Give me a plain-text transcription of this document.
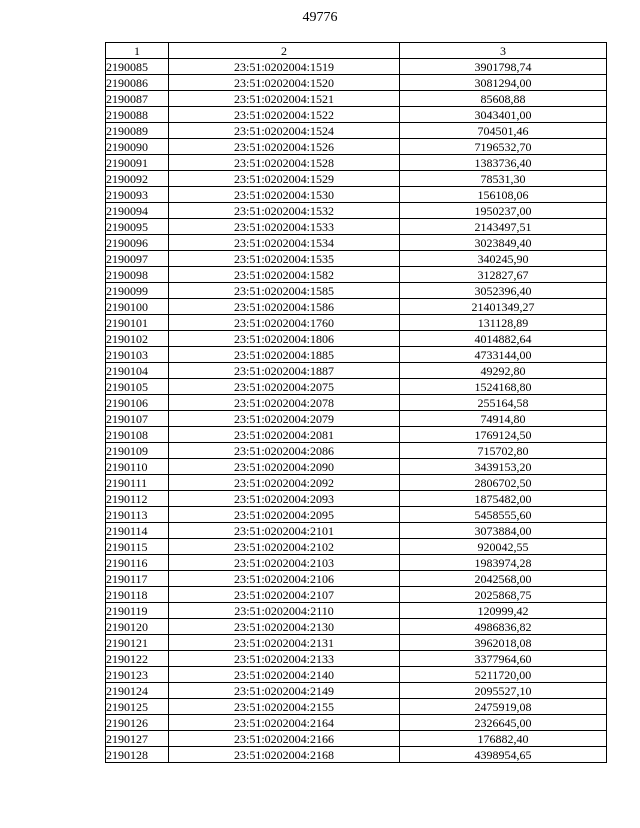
49776
1	2	3
2190085	23:51:0202004:1519	3901798,74
2190086	23:51:0202004:1520	3081294,00
2190087	23:51:0202004:1521	85608,88
2190088	23:51:0202004:1522	3043401,00
2190089	23:51:0202004:1524	704501,46
2190090	23:51:0202004:1526	7196532,70
2190091	23:51:0202004:1528	1383736,40
2190092	23:51:0202004:1529	78531,30
2190093	23:51:0202004:1530	156108,06
2190094	23:51:0202004:1532	1950237,00
2190095	23:51:0202004:1533	2143497,51
2190096	23:51:0202004:1534	3023849,40
2190097	23:51:0202004:1535	340245,90
2190098	23:51:0202004:1582	312827,67
2190099	23:51:0202004:1585	3052396,40
2190100	23:51:0202004:1586	21401349,27
2190101	23:51:0202004:1760	131128,89
2190102	23:51:0202004:1806	4014882,64
2190103	23:51:0202004:1885	4733144,00
2190104	23:51:0202004:1887	49292,80
2190105	23:51:0202004:2075	1524168,80
2190106	23:51:0202004:2078	255164,58
2190107	23:51:0202004:2079	74914,80
2190108	23:51:0202004:2081	1769124,50
2190109	23:51:0202004:2086	715702,80
2190110	23:51:0202004:2090	3439153,20
2190111	23:51:0202004:2092	2806702,50
2190112	23:51:0202004:2093	1875482,00
2190113	23:51:0202004:2095	5458555,60
2190114	23:51:0202004:2101	3073884,00
2190115	23:51:0202004:2102	920042,55
2190116	23:51:0202004:2103	1983974,28
2190117	23:51:0202004:2106	2042568,00
2190118	23:51:0202004:2107	2025868,75
2190119	23:51:0202004:2110	120999,42
2190120	23:51:0202004:2130	4986836,82
2190121	23:51:0202004:2131	3962018,08
2190122	23:51:0202004:2133	3377964,60
2190123	23:51:0202004:2140	5211720,00
2190124	23:51:0202004:2149	2095527,10
2190125	23:51:0202004:2155	2475919,08
2190126	23:51:0202004:2164	2326645,00
2190127	23:51:0202004:2166	176882,40
2190128	23:51:0202004:2168	4398954,65
